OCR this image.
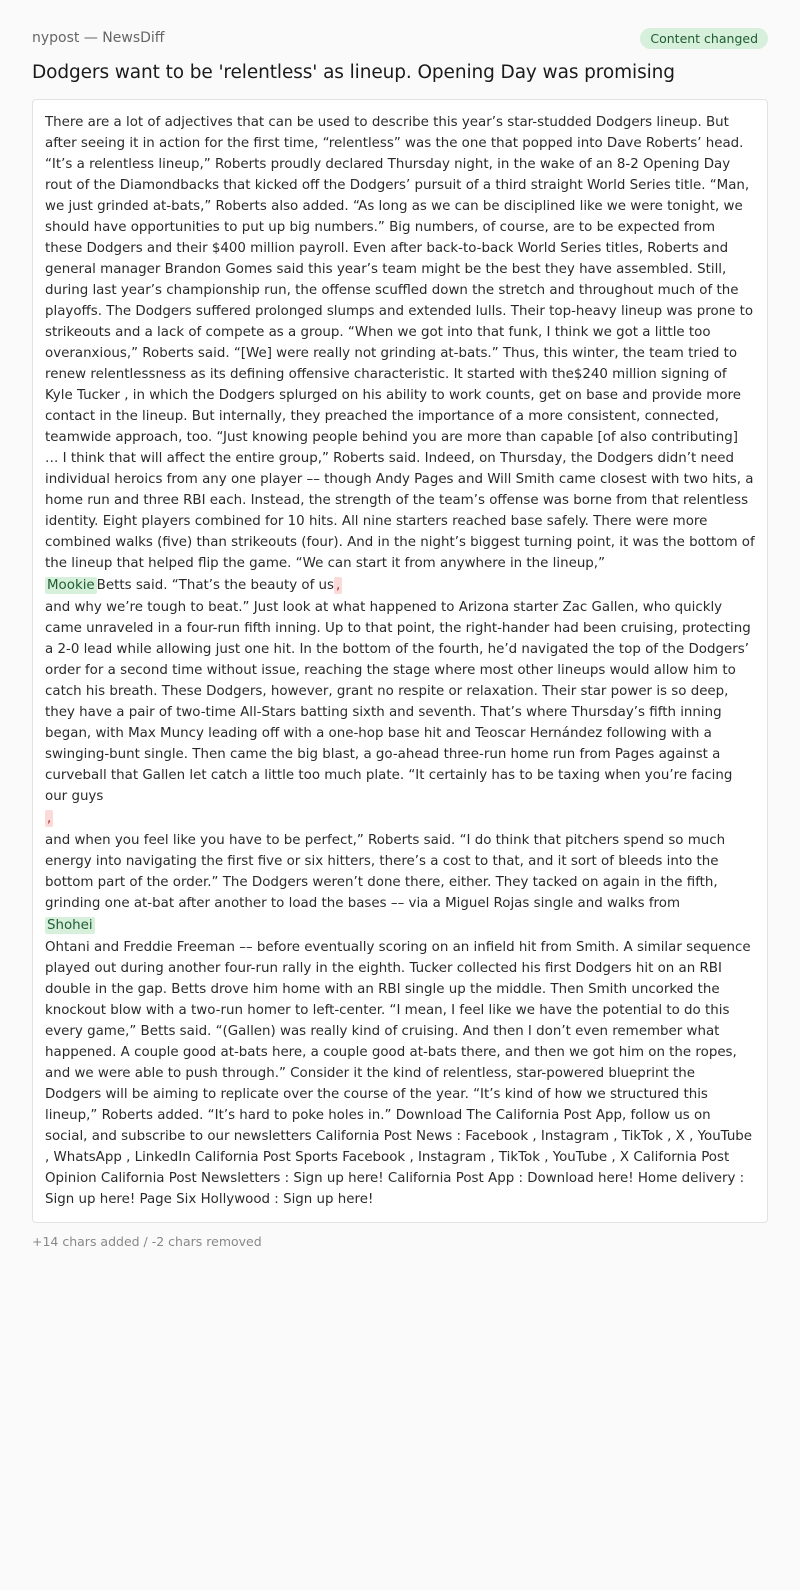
nypost — NewsDiff	Content changed
Dodgers want to be 'relentless' as lineup. Opening Day was promising
There are a lot of adjectives that can be used to describe this year’s star-studded Dodgers lineup. But after seeing it in action for the first time, “relentless” was the one that popped into Dave Roberts’ head. “It’s a relentless lineup,” Roberts proudly declared Thursday night, in the wake of an 8-2 Opening Day rout of the Diamondbacks that kicked off the Dodgers’ pursuit of a third straight World Series title. “Man, we just grinded at-bats,” Roberts also added. “As long as we can be disciplined like we were tonight, we should have opportunities to put up big numbers.” Big numbers, of course, are to be expected from these Dodgers and their $400 million payroll. Even after back-to-back World Series titles, Roberts and general manager Brandon Gomes said this year’s team might be the best they have assembled. Still, during last year’s championship run, the offense scuffled down the stretch and throughout much of the playoffs. The Dodgers suffered prolonged slumps and extended lulls. Their top-heavy lineup was prone to strikeouts and a lack of compete as a group. “When we got into that funk, I think we got a little too overanxious,” Roberts said. “[We] were really not grinding at-bats.” Thus, this winter, the team tried to renew relentlessness as its defining offensive characteristic. It started with the$240 million signing of Kyle Tucker , in which the Dodgers splurged on his ability to work counts, get on base and provide more contact in the lineup. But internally, they preached the importance of a more consistent, connected, teamwide approach, too. “Just knowing people behind you are more than capable [of also contributing] … I think that will affect the entire group,” Roberts said. Indeed, on Thursday, the Dodgers didn’t need individual heroics from any one player –– though Andy Pages and Will Smith came closest with two hits, a home run and three RBI each. Instead, the strength of the team’s offense was borne from that relentless identity. Eight players combined for 10 hits. All nine starters reached base safely. There were more combined walks (five) than strikeouts (four). And in the night’s biggest turning point, it was the bottom of the lineup that helped flip the game. “We can start it from anywhere in the lineup,”
Mookie Betts said. “That’s the beauty of us ,
and why we’re tough to beat.” Just look at what happened to Arizona starter Zac Gallen, who quickly came unraveled in a four-run fifth inning. Up to that point, the right-hander had been cruising, protecting a 2-0 lead while allowing just one hit. In the bottom of the fourth, he’d navigated the top of the Dodgers’ order for a second time without issue, reaching the stage where most other lineups would allow him to catch his breath. These Dodgers, however, grant no respite or relaxation. Their star power is so deep, they have a pair of two-time All-Stars batting sixth and seventh. That’s where Thursday’s fifth inning began, with Max Muncy leading off with a one-hop base hit and Teoscar Hernández following with a swinging-bunt single. Then came the big blast, a go-ahead three-run home run from Pages against a curveball that Gallen let catch a little too much plate. “It certainly has to be taxing when you’re facing our guys
,
and when you feel like you have to be perfect,” Roberts said. “I do think that pitchers spend so much energy into navigating the first five or six hitters, there’s a cost to that, and it sort of bleeds into the bottom part of the order.” The Dodgers weren’t done there, either. They tacked on again in the fifth, grinding one at-bat after another to load the bases –– via a Miguel Rojas single and walks from
Shohei
Ohtani and Freddie Freeman –– before eventually scoring on an infield hit from Smith. A similar sequence played out during another four-run rally in the eighth. Tucker collected his first Dodgers hit on an RBI double in the gap. Betts drove him home with an RBI single up the middle. Then Smith uncorked the knockout blow with a two-run homer to left-center. “I mean, I feel like we have the potential to do this every game,” Betts said. “(Gallen) was really kind of cruising. And then I don’t even remember what happened. A couple good at-bats here, a couple good at-bats there, and then we got him on the ropes, and we were able to push through.” Consider it the kind of relentless, star-powered blueprint the Dodgers will be aiming to replicate over the course of the year. “It’s kind of how we structured this lineup,” Roberts added. “It’s hard to poke holes in.” Download The California Post App, follow us on social, and subscribe to our newsletters California Post News : Facebook , Instagram , TikTok , X , YouTube , WhatsApp , LinkedIn California Post Sports Facebook , Instagram , TikTok , YouTube , X California Post Opinion California Post Newsletters : Sign up here! California Post App : Download here! Home delivery : Sign up here! Page Six Hollywood : Sign up here!
+14 chars added / -2 chars removed
